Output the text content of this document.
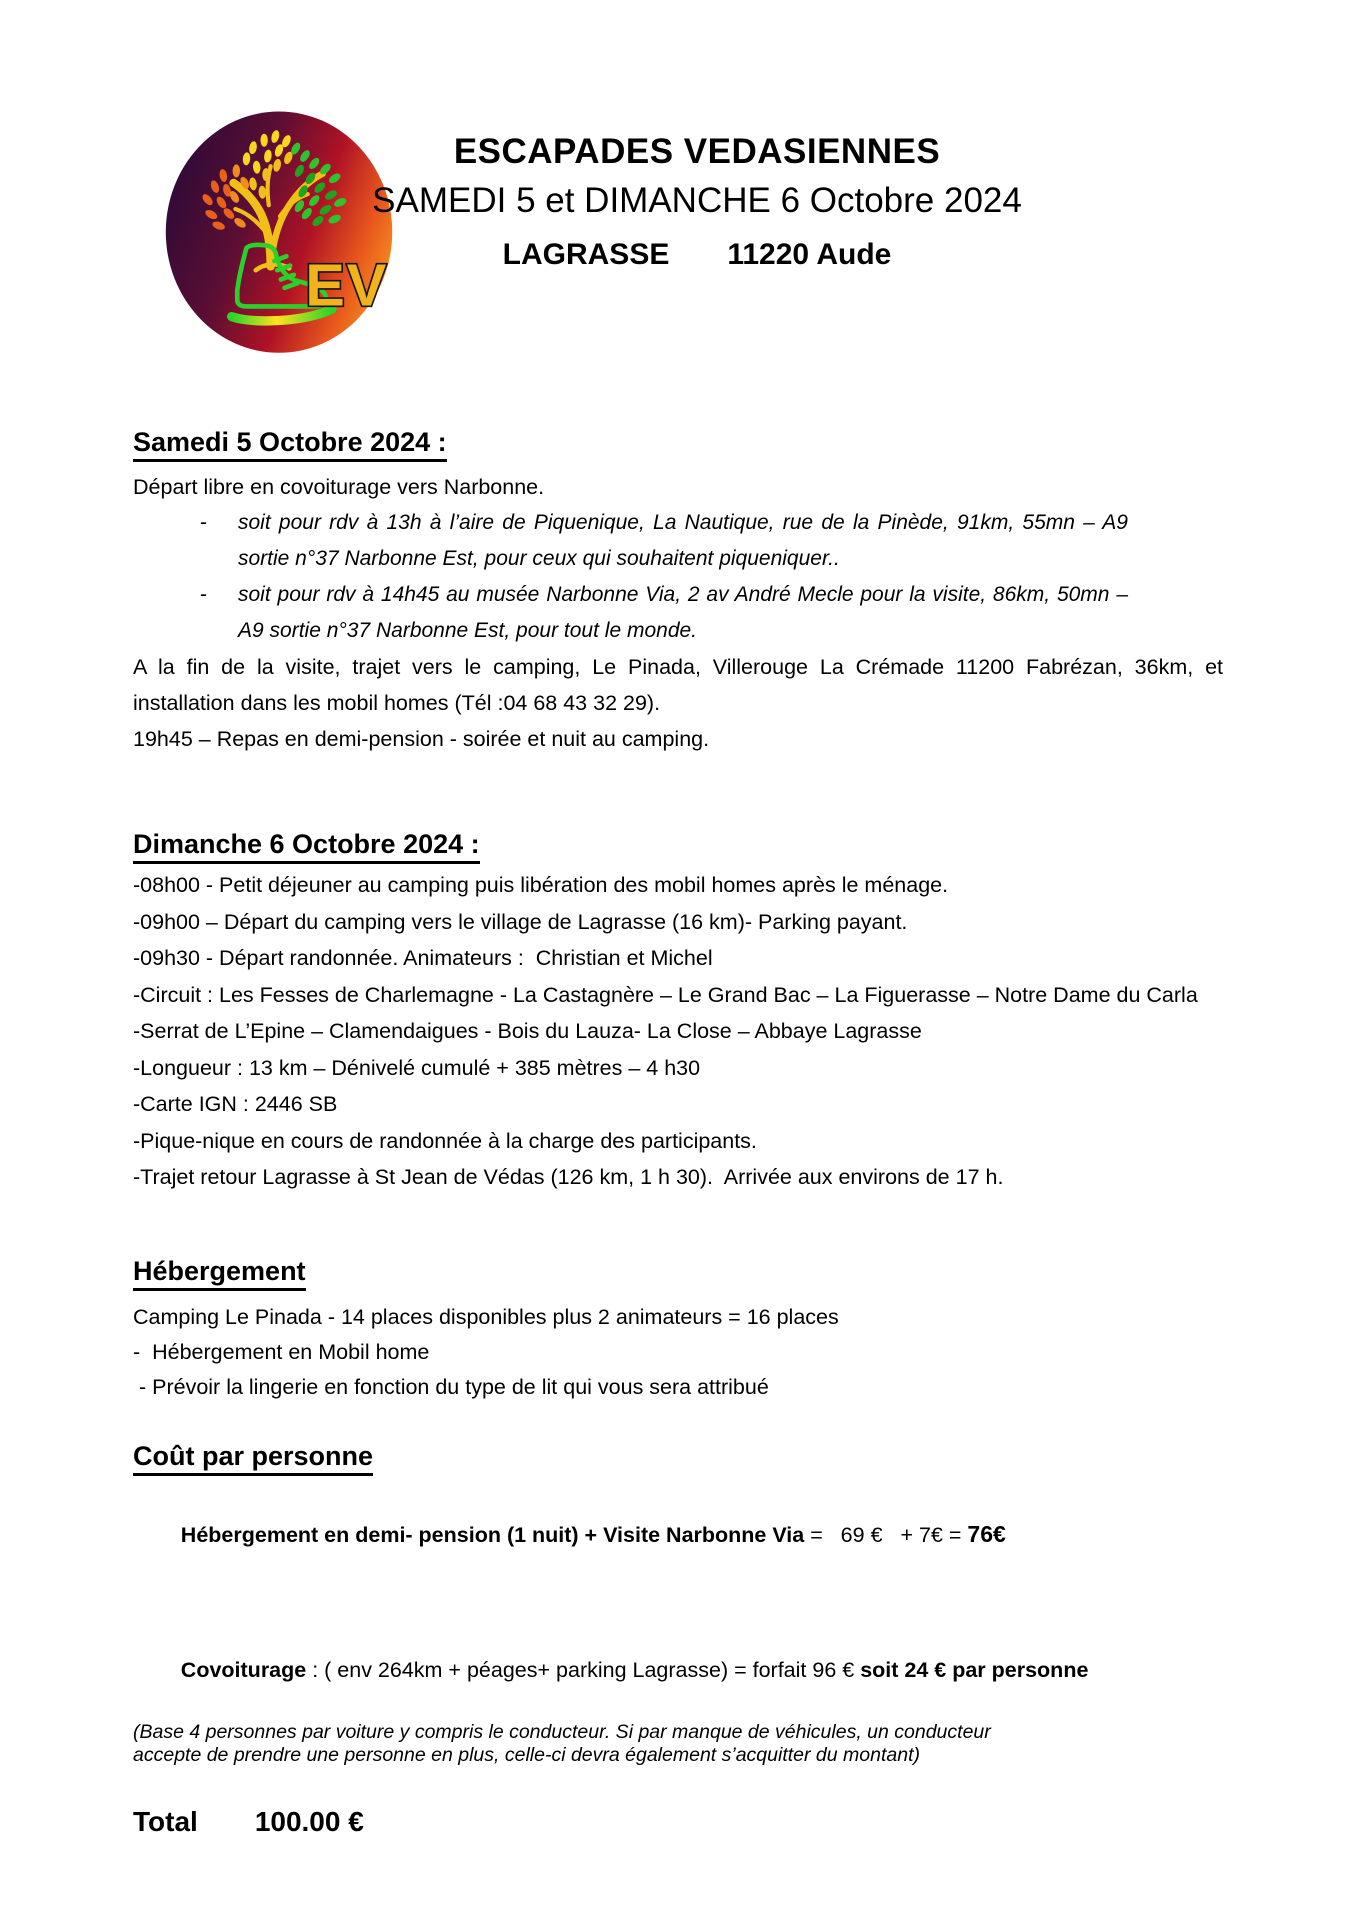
EV
ESCAPADES VEDASIENNES
SAMEDI 5 et DIMANCHE 6 Octobre 2024
LAGRASSE 11220 Aude
Samedi 5 Octobre 2024 :

Départ libre en covoiturage vers Narbonne.

- soit pour rdv à 13h à l’aire de Piquenique, La Nautique, rue de la Pinède, 91km, 55mn – A9 sortie n°37 Narbonne Est, pour ceux qui souhaitent piqueniquer..
- soit pour rdv à 14h45 au musée Narbonne Via, 2 av André Mecle pour la visite, 86km, 50mn – A9 sortie n°37 Narbonne Est, pour tout le monde.

A la fin de la visite, trajet vers le camping, Le Pinada, Villerouge La Crémade 11200 Fabrézan, 36km, et installation dans les mobil homes (Tél :04 68 43 32 29).

19h45 – Repas en demi-pension - soirée et nuit au camping.

Dimanche 6 Octobre 2024 :

-08h00 - Petit déjeuner au camping puis libération des mobil homes après le ménage.

-09h00 – Départ du camping vers le village de Lagrasse (16 km)- Parking payant.

-09h30 - Départ randonnée. Animateurs :  Christian et Michel

-Circuit : Les Fesses de Charlemagne - La Castagnère – Le Grand Bac – La Figuerasse – Notre Dame du Carla

-Serrat de L’Epine – Clamendaigues - Bois du Lauza- La Close – Abbaye Lagrasse

-Longueur : 13 km – Dénivelé cumulé + 385 mètres – 4 h30

-Carte IGN : 2446 SB

-Pique-nique en cours de randonnée à la charge des participants.

-Trajet retour Lagrasse à St Jean de Védas (126 km, 1 h 30).  Arrivée aux environs de 17 h.

Hébergement

Camping Le Pinada - 14 places disponibles plus 2 animateurs = 16 places

-  Hébergement en Mobil home

- Prévoir la lingerie en fonction du type de lit qui vous sera attribué

Coût par personne

Hébergement en demi- pension (1 nuit) + Visite Narbonne Via =   69 €   + 7€ = 76€

Covoiturage : ( env 264km + péages+ parking Lagrasse) = forfait 96 € soit 24 € par personne

(Base 4 personnes par voiture y compris le conducteur. Si par manque de véhicules, un conducteur accepte de prendre une personne en plus, celle-ci devra également s’acquitter du montant)

Total 100.00 €
